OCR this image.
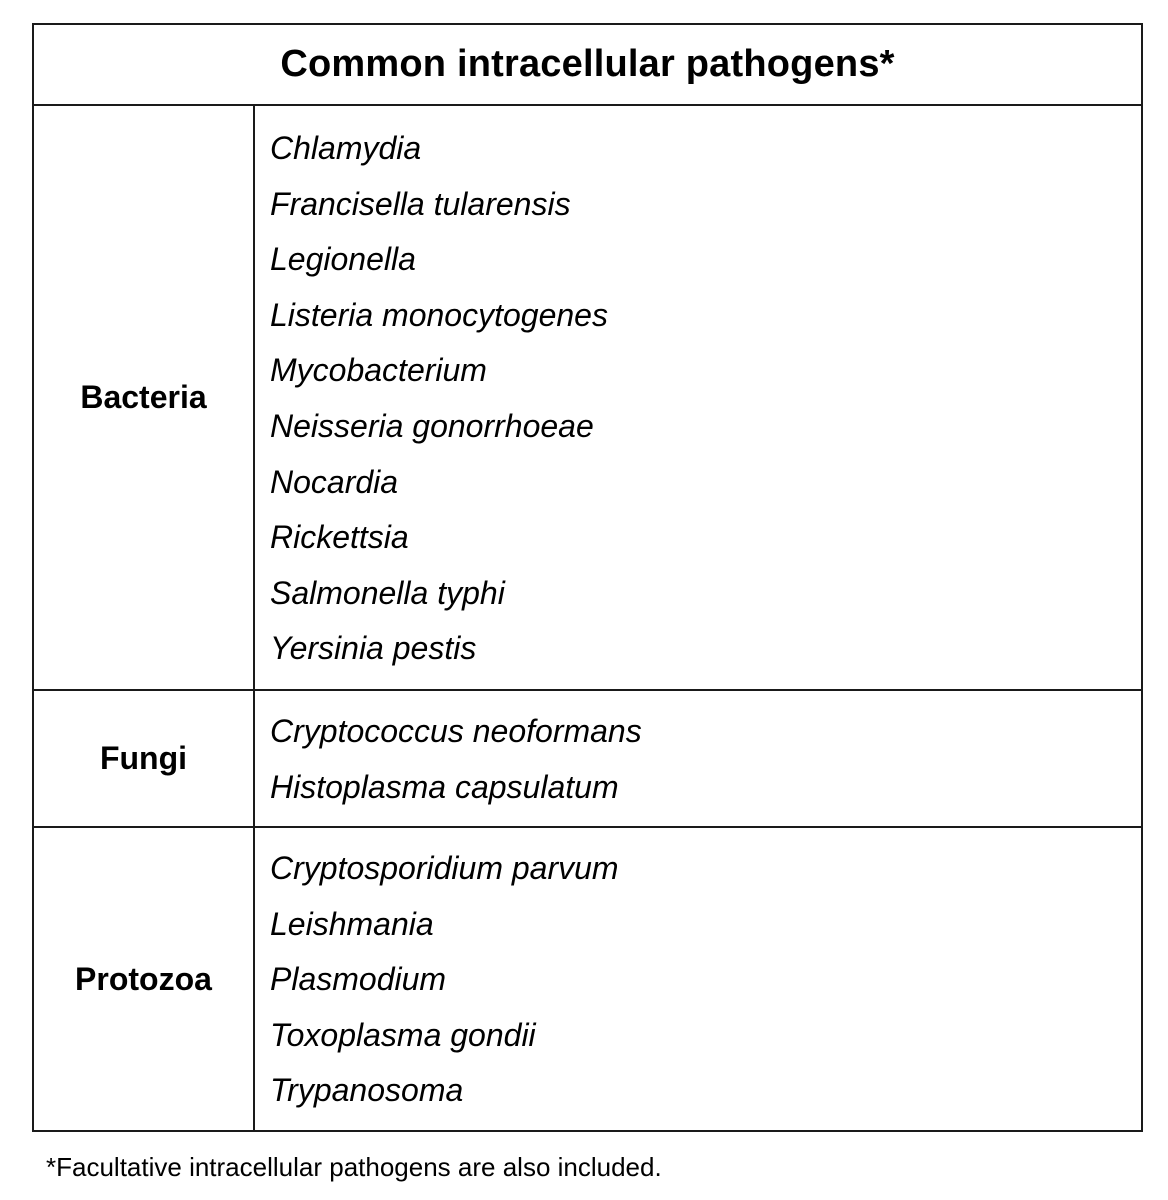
Common intracellular pathogens*
Bacteria
Chlamydia
Francisella tularensis
Legionella
Listeria monocytogenes
Mycobacterium
Neisseria gonorrhoeae
Nocardia
Rickettsia
Salmonella typhi
Yersinia pestis
Fungi
Cryptococcus neoformans
Histoplasma capsulatum
Protozoa
Cryptosporidium parvum
Leishmania
Plasmodium
Toxoplasma gondii
Trypanosoma
*Facultative intracellular pathogens are also included.
